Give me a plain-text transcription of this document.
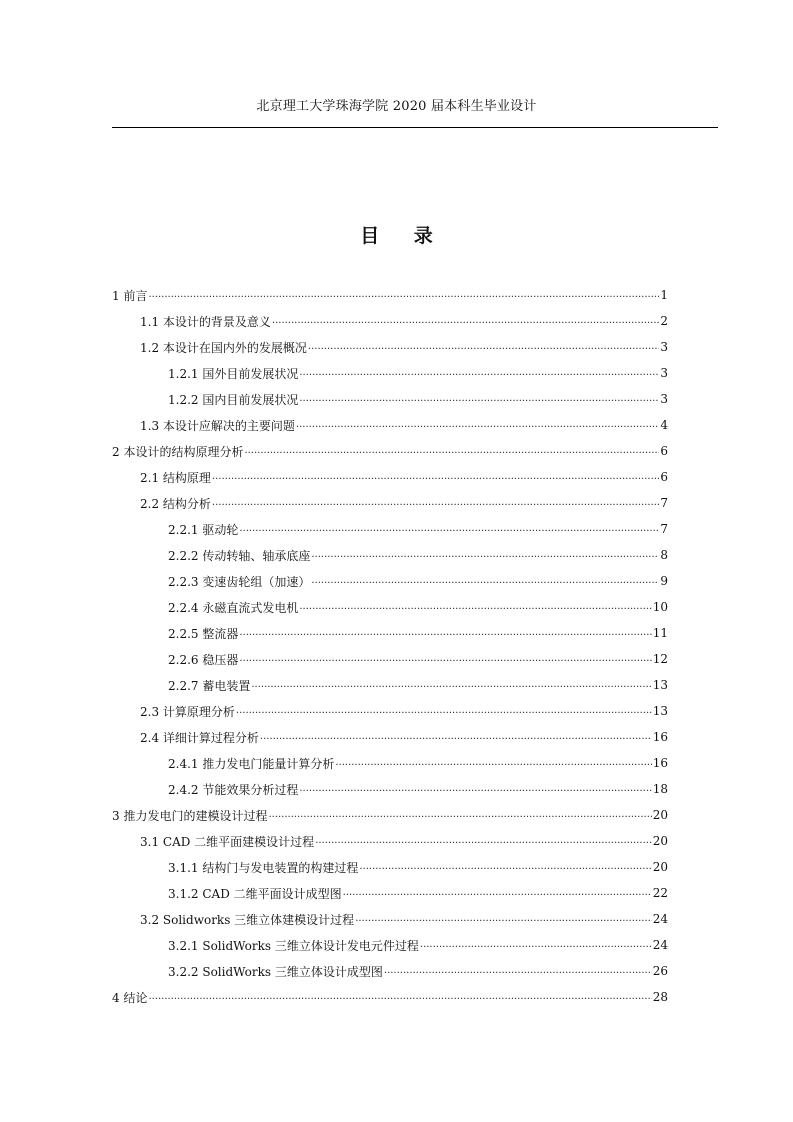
北京理工大学珠海学院 2020 届本科生毕业设计
目 录
1 前言 .....	1
1.1 本设计的背景及意义 .....	2
1.2 本设计在国内外的发展概况 .....	3
1.2.1 国外目前发展状况 .....	3
1.2.2 国内目前发展状况 .....	3
1.3 本设计应解决的主要问题 .....	4
2 本设计的结构原理分析 .....	6
2.1 结构原理 .....	6
2.2 结构分析 .....	7
2.2.1 驱动轮 .....	7
2.2.2 传动转轴、轴承底座 .....	8
2.2.3 变速齿轮组（加速） .....	9
2.2.4 永磁直流式发电机 .....	10
2.2.5 整流器 .....	11
2.2.6 稳压器 .....	12
2.2.7 蓄电装置 .....	13
2.3 计算原理分析 .....	13
2.4 详细计算过程分析 .....	16
2.4.1 推力发电门能量计算分析 .....	16
2.4.2 节能效果分析过程 .....	18
3 推力发电门的建模设计过程 .....	20
3.1 CAD 二维平面建模设计过程 .....	20
3.1.1 结构门与发电装置的构建过程 .....	20
3.1.2 CAD 二维平面设计成型图 .....	22
3.2 Solidworks 三维立体建模设计过程 .....	24
3.2.1 SolidWorks 三维立体设计发电元件过程 .....	24
3.2.2 SolidWorks 三维立体设计成型图 .....	26
4 结论 .....	28
